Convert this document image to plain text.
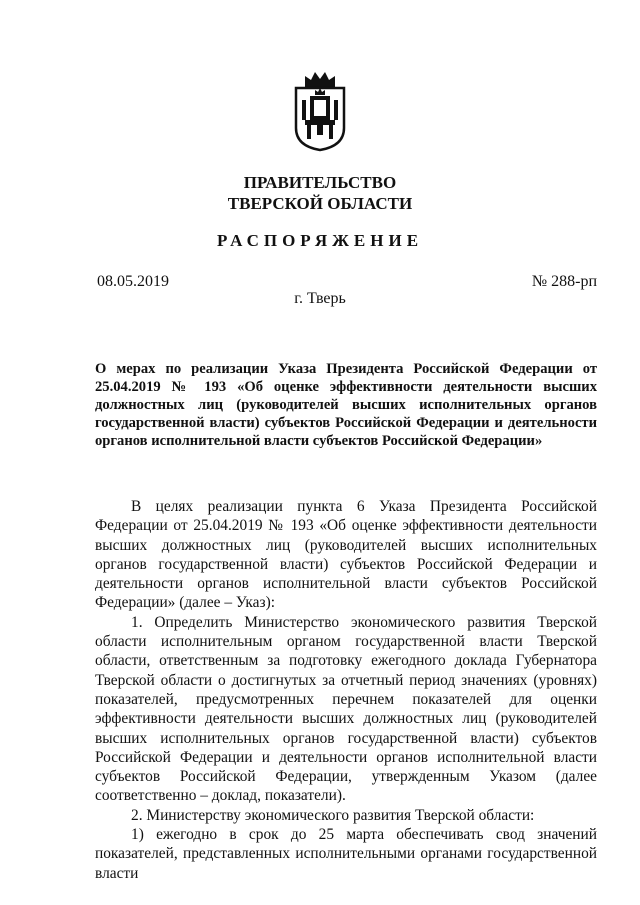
ПРАВИТЕЛЬСТВО
ТВЕРСКОЙ ОБЛАСТИ
РАСПОРЯЖЕНИЕ
08.05.2019	№ 288-рп
г. Тверь
О мерах по реализации Указа Президента Российской Федерации от 25.04.2019 № 193 «Об оценке эффективности деятельности высших должностных лиц (руководителей высших исполнительных органов государственной власти) субъектов Российской Федерации и деятельности органов исполнительной власти субъектов Российской Федерации»

В целях реализации пункта 6 Указа Президента Российской Федерации от 25.04.2019 № 193 «Об оценке эффективности деятельности высших должностных лиц (руководителей высших исполнительных органов государственной власти) субъектов Российской Федерации и деятельности органов исполнительной власти субъектов Российской Федерации» (далее – Указ):

1. Определить Министерство экономического развития Тверской области исполнительным органом государственной власти Тверской области, ответственным за подготовку ежегодного доклада Губернатора Тверской области о достигнутых за отчетный период значениях (уровнях) показателей, предусмотренных перечнем показателей для оценки эффективности деятельности высших должностных лиц (руководителей высших исполнительных органов государственной власти) субъектов Российской Федерации и деятельности органов исполнительной власти субъектов Российской Федерации, утвержденным Указом (далее соответственно – доклад, показатели).

2. Министерству экономического развития Тверской области:

1) ежегодно в срок до 25 марта обеспечивать свод значений показателей, представленных исполнительными органами государственной власти
